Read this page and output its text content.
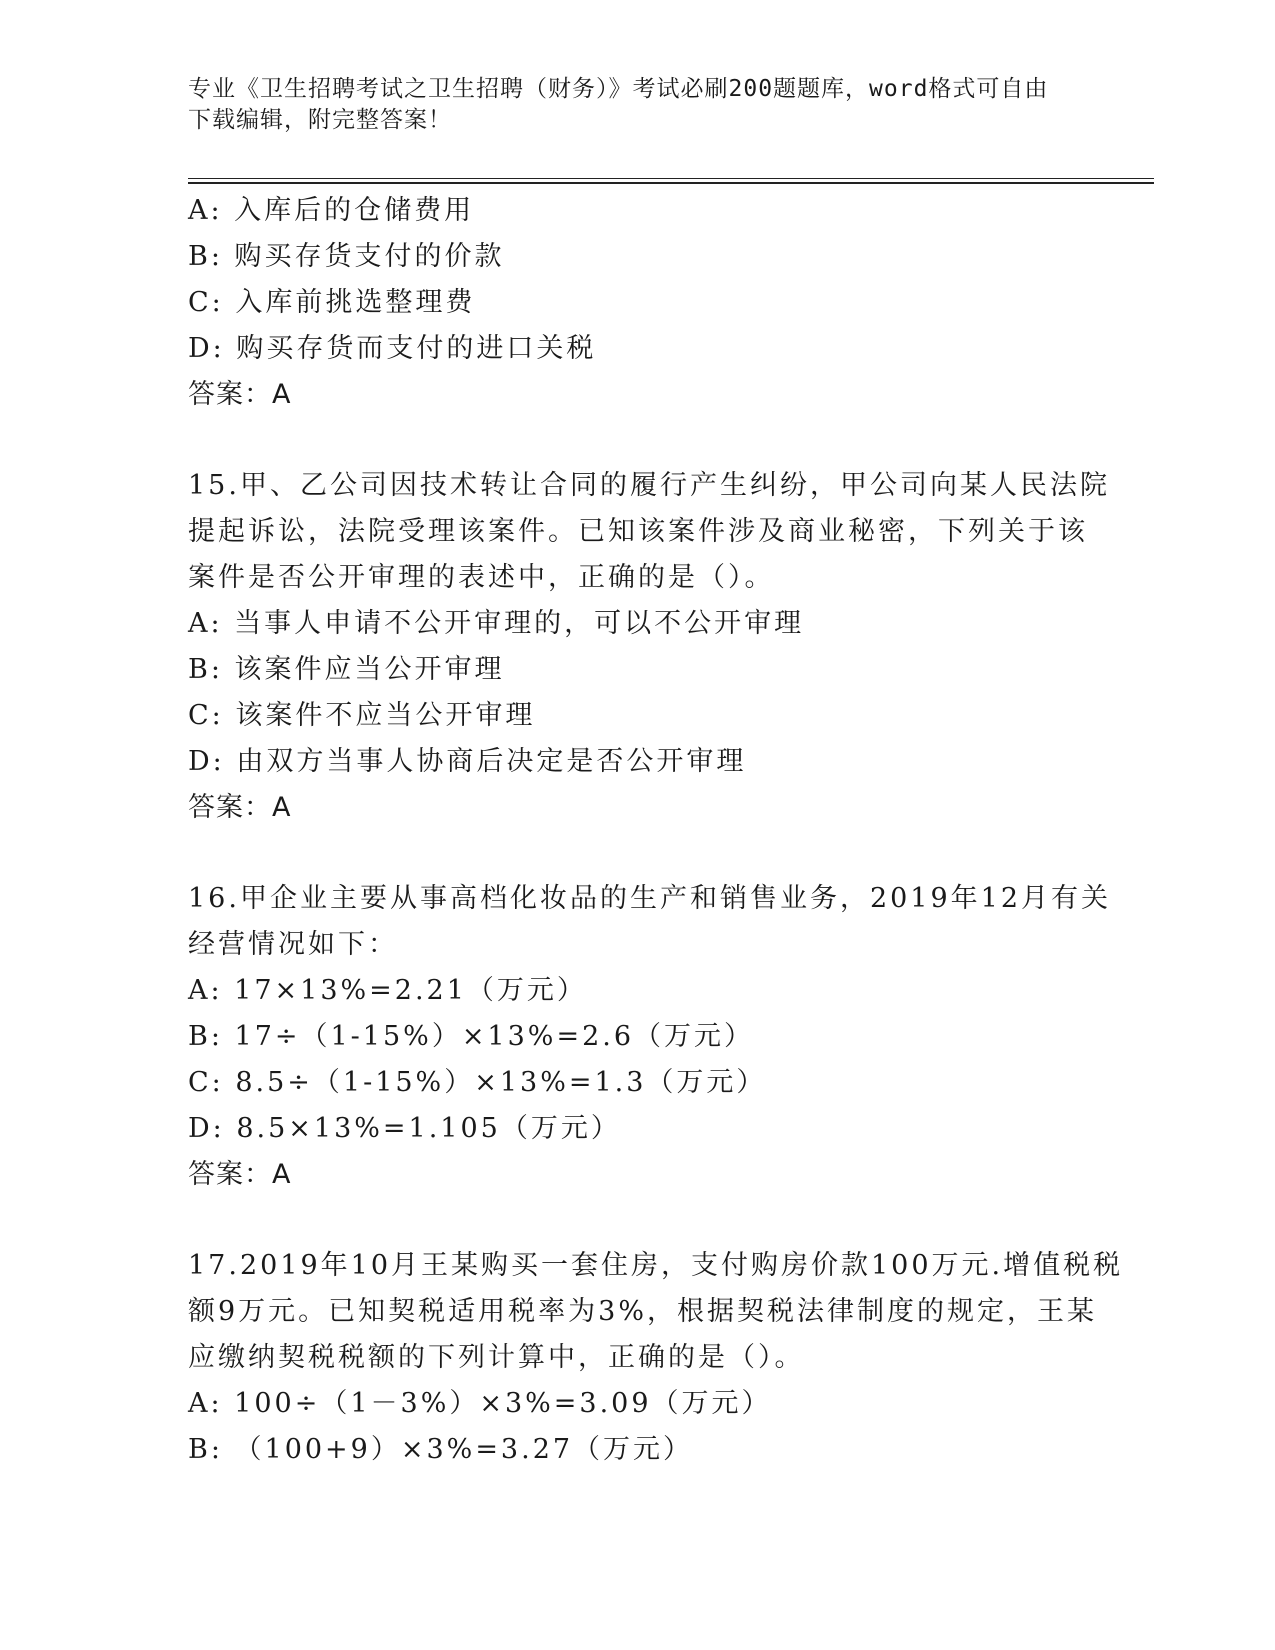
专业《卫生招聘考试之卫生招聘（财务）》考试必刷200题题库，word格式可自由下载编辑，附完整答案！
A: 入库后的仓储费用
B: 购买存货支付的价款
C: 入库前挑选整理费
D: 购买存货而支付的进口关税
答案：A
15.甲、乙公司因技术转让合同的履行产生纠纷，甲公司向某人民法院
提起诉讼，法院受理该案件。已知该案件涉及商业秘密，下列关于该
案件是否公开审理的表述中，正确的是（）。
A: 当事人申请不公开审理的，可以不公开审理
B: 该案件应当公开审理
C: 该案件不应当公开审理
D: 由双方当事人协商后决定是否公开审理
答案：A
16.甲企业主要从事高档化妆品的生产和销售业务，2019年12月有关
经营情况如下：
A: 17×13%=2.21（万元）
B: 17÷（1-15%）×13%=2.6（万元）
C: 8.5÷（1-15%）×13%=1.3（万元）
D: 8.5×13%=1.105（万元）
答案：A
17.2019年10月王某购买一套住房，支付购房价款100万元.增值税税
额9万元。已知契税适用税率为3%，根据契税法律制度的规定，王某
应缴纳契税税额的下列计算中，正确的是（）。
A: 100÷（1－3%）×3%=3.09（万元）
B: （100+9）×3%=3.27（万元）
